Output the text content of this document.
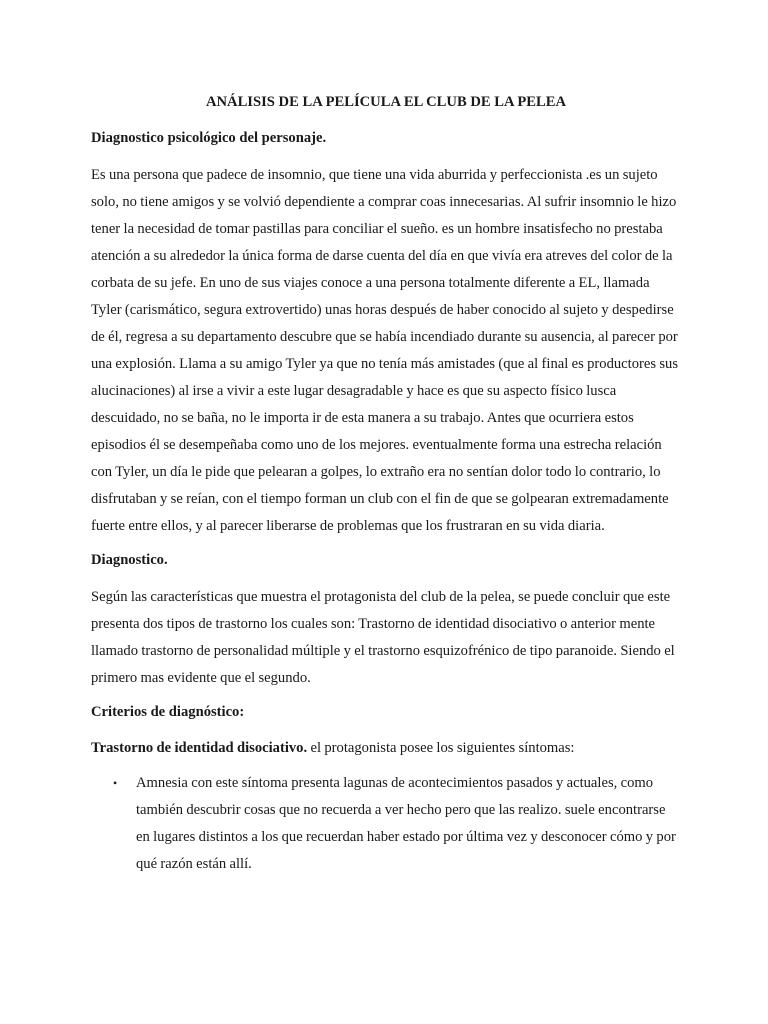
ANÁLISIS DE LA PELÍCULA EL CLUB DE LA PELEA
Diagnostico psicológico del personaje.

Es una persona que padece de insomnio, que tiene una vida aburrida y perfeccionista .es un sujeto solo, no tiene amigos y se volvió dependiente a comprar coas innecesarias. Al sufrir insomnio le hizo tener la necesidad de tomar pastillas para conciliar el sueño. es un hombre insatisfecho no prestaba atención a su alrededor la única forma de darse cuenta del día en que vivía era atreves del color de la corbata de su jefe. En uno de sus viajes conoce a una persona totalmente diferente a EL, llamada Tyler (carismático, segura extrovertido) unas horas después de haber conocido al sujeto y despedirse de él, regresa a su departamento descubre que se había incendiado durante su ausencia, al parecer por una explosión. Llama a su amigo Tyler ya que no tenía más amistades (que al final es productores sus alucinaciones) al irse a vivir a este lugar desagradable y hace es que su aspecto físico lusca descuidado, no se baña, no le importa ir de esta manera a su trabajo. Antes que ocurriera estos episodios él se desempeñaba como uno de los mejores. eventualmente forma una estrecha relación con Tyler, un día le pide que pelearan a golpes, lo extraño era no sentían dolor todo lo contrario, lo disfrutaban y se reían, con el tiempo forman un club con el fin de que se golpearan extremadamente fuerte entre ellos, y al parecer liberarse de problemas que los frustraran en su vida diaria.

Diagnostico.

Según las características que muestra el protagonista del club de la pelea, se puede concluir que este presenta dos tipos de trastorno los cuales son: Trastorno de identidad disociativo o anterior mente llamado trastorno de personalidad múltiple y el trastorno esquizofrénico de tipo paranoide. Siendo el primero mas evidente que el segundo.

Criterios de diagnóstico:

Trastorno de identidad disociativo. el protagonista posee los siguientes síntomas:

• Amnesia con este síntoma presenta lagunas de acontecimientos pasados y actuales, como también descubrir cosas que no recuerda a ver hecho pero que las realizo. suele encontrarse en lugares distintos a los que recuerdan haber estado por última vez y desconocer cómo y por qué razón están allí.
